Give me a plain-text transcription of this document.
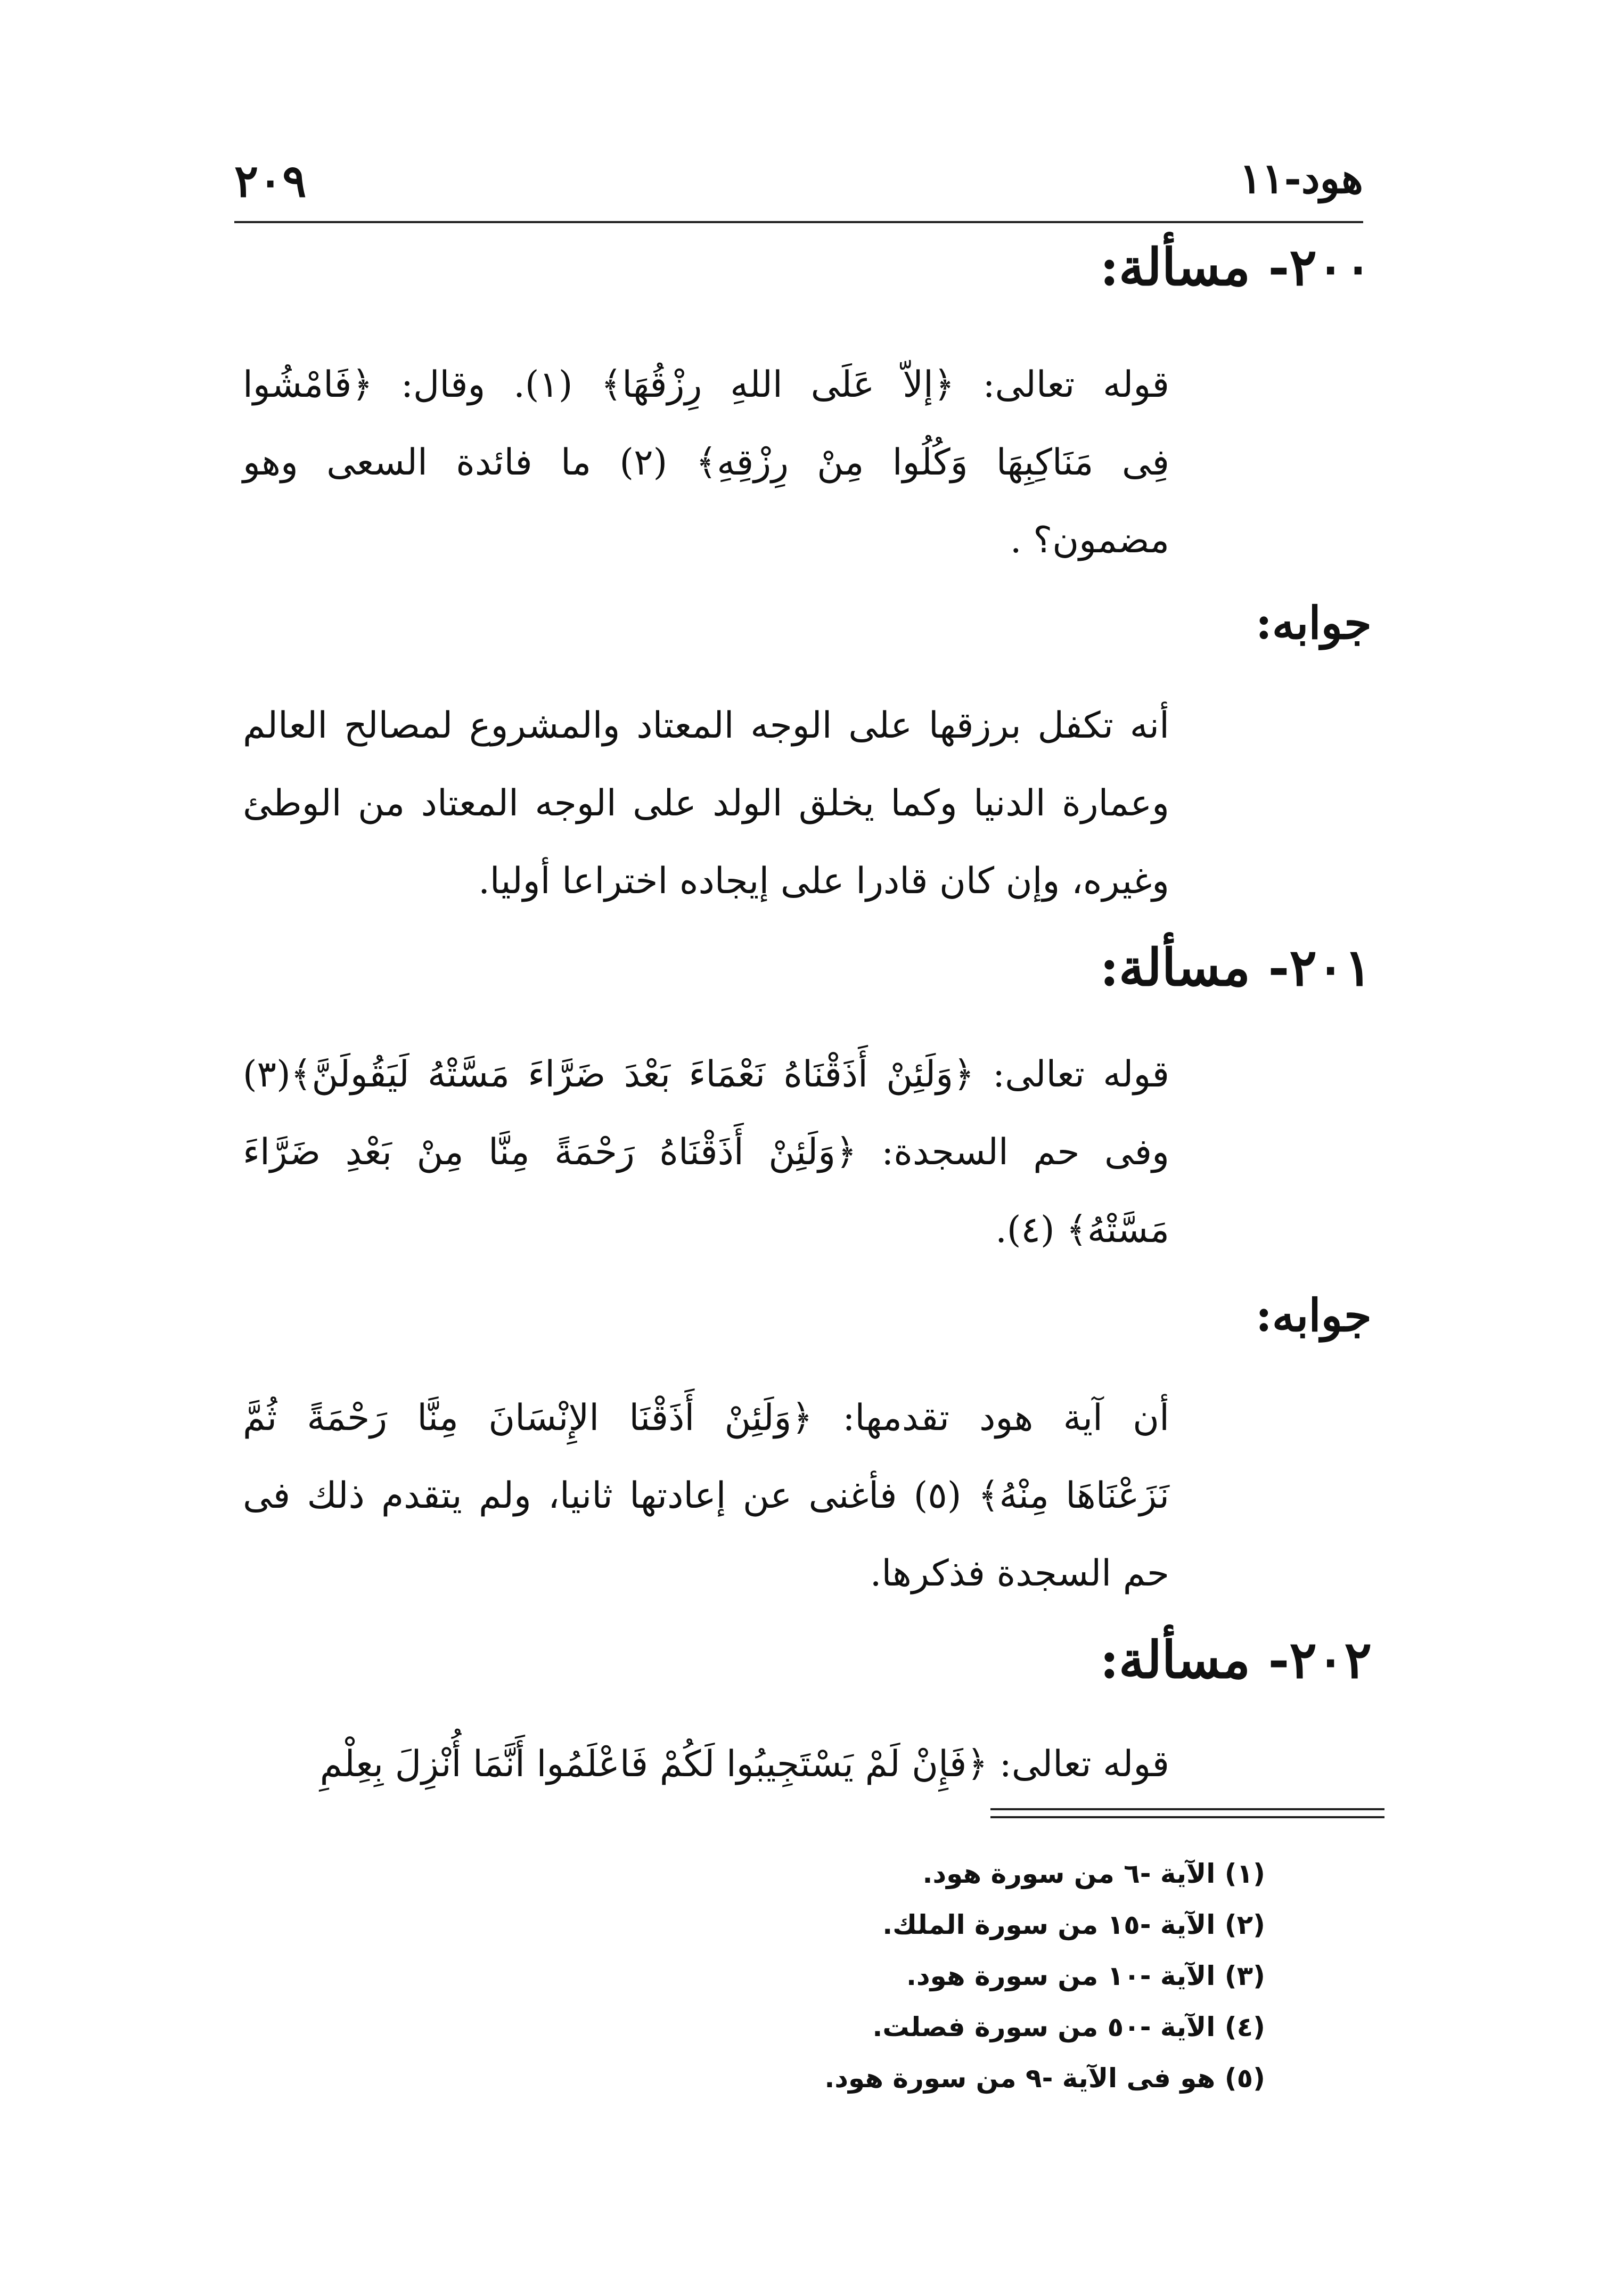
هود-١١
٢٠٩
٢٠٠- مسألة:
قوله تعالى: ﴿إلاّ عَلَى اللهِ رِزْقُهَا﴾ (١). وقال: ﴿فَامْشُوا
فِى مَنَاكِبِهَا وَكُلُوا مِنْ رِزْقِهِ﴾ (٢) ما فائدة السعى وهو
مضمون؟ .
جوابه:
أنه تكفل برزقها على الوجه المعتاد والمشروع لمصالح العالم
وعمارة الدنيا وكما يخلق الولد على الوجه المعتاد من الوطئ
وغيره، وإن كان قادرا على إيجاده اختراعا أوليا.
٢٠١- مسألة:
قوله تعالى: ﴿وَلَئِنْ أَذَقْنَاهُ نَعْمَاءَ بَعْدَ ضَرَّاءَ مَسَّتْهُ لَيَقُولَنَّ﴾(٣)
وفى حم السجدة: ﴿وَلَئِنْ أَذَقْنَاهُ رَحْمَةً مِنَّا مِنْ بَعْدِ ضَرَّاءَ
مَسَّتْهُ﴾ (٤).
جوابه:
أن آية هود تقدمها: ﴿وَلَئِنْ أَذَقْنَا الإِنْسَانَ مِنَّا رَحْمَةً ثُمَّ
نَزَعْنَاهَا مِنْهُ﴾ (٥) فأغنى عن إعادتها ثانيا، ولم يتقدم ذلك فى
حم السجدة فذكرها.
٢٠٢- مسألة:
قوله تعالى: ﴿فَإِنْ لَمْ يَسْتَجِيبُوا لَكُمْ فَاعْلَمُوا أَنَّمَا أُنْزِلَ بِعِلْمِ
(١) الآية -٦ من سورة هود.
(٢) الآية -١٥ من سورة الملك.
(٣) الآية -١٠ من سورة هود.
(٤) الآية -٥٠ من سورة فصلت.
(٥) هو فى الآية -٩ من سورة هود.
